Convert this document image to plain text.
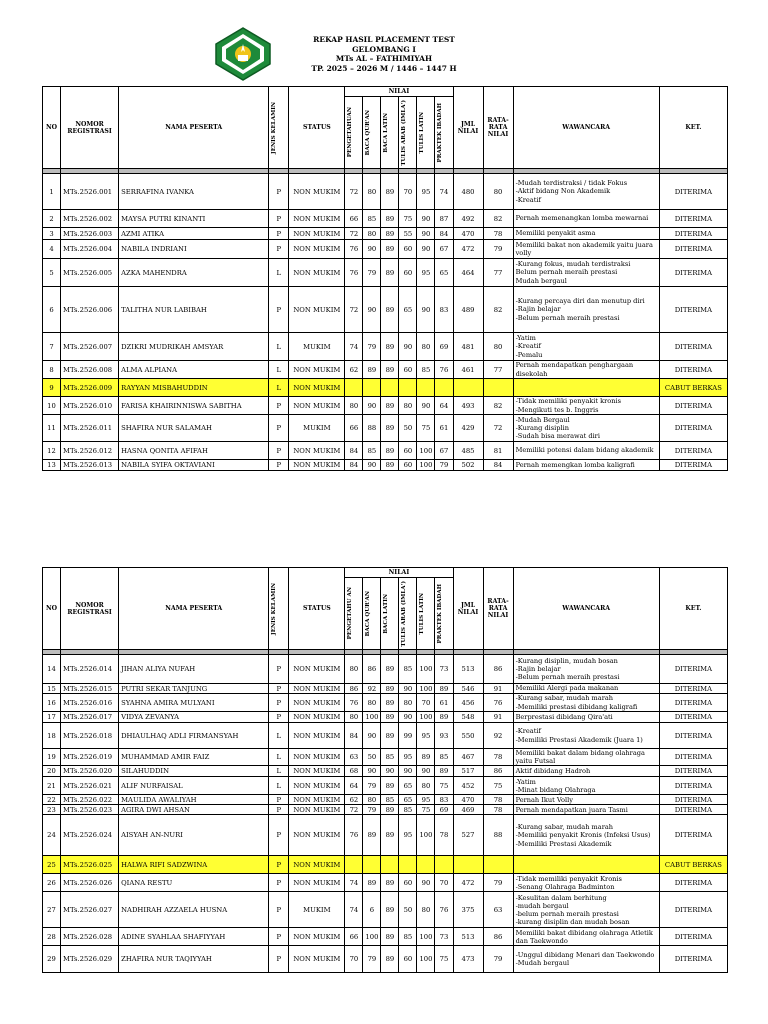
REKAP HASIL PLACEMENT TEST
GELOMBANG I
MTs AL – FATHIMIYAH
TP. 2025 – 2026 M / 1446 – 1447 H
NO	NOMOR REGISTRASI	NAMA PESERTA	JENIS KELAMIN	STATUS	NILAI						JML NILAI	RATA-RATA NILAI	WAWANCARA	KET.

					PENGETAHUAN	BACA QUR'AN	BACA LATIN	TULIS ARAB (IMLA')	TULIS LATIN	PRAKTEK IBADAH				

1	MTs.2526.001	SERRAFINA IVANKA	P	NON MUKIM	72	80	89	70	95	74	480	80	-Mudah terdistraksi / tidak Fokus
-Aktif bidang Non Akademik
-Kreatif	DITERIMA
2	MTs.2526.002	MAYSA PUTRI KINANTI	P	NON MUKIM	66	85	89	75	90	87	492	82	Pernah memenangkan lomba mewarnai	DITERIMA
3	MTs.2526.003	AZMI ATIKA	P	NON MUKIM	72	80	89	55	90	84	470	78	Memiliki penyakit asma	DITERIMA
4	MTs.2526.004	NABILA INDRIANI	P	NON MUKIM	76	90	89	60	90	67	472	79	Memiliki bakat non akademik yaitu juara volly	DITERIMA
5	MTs.2526.005	AZKA MAHENDRA	L	NON MUKIM	76	79	89	60	95	65	464	77	-Kurang fokus, mudah terdistraksi
Belum pernah meraih prestasi
Mudah bergaul	DITERIMA
6	MTs.2526.006	TALITHA NUR LABIBAH	P	NON MUKIM	72	90	89	65	90	83	489	82	-Kurang percaya diri dan menutup diri
-Rajin belajar
-Belum pernah meraih prestasi	DITERIMA
7	MTs.2526.007	DZIKRI MUDRIKAH AMSYAR	L	MUKIM	74	79	89	90	80	69	481	80	-Yatim
-Kreatif
-Pemalu	DITERIMA
8	MTs.2526.008	ALMA ALPIANA	L	NON MUKIM	62	89	89	60	85	76	461	77	Pernah mendapatkan penghargaan disekolah	DITERIMA
9	MTs.2526.009	RAYYAN MISBAHUDDIN	L	NON MUKIM										CABUT BERKAS
10	MTs.2526.010	FARISA KHAIRINNISWA SABITHA	P	NON MUKIM	80	90	89	80	90	64	493	82	-Tidak memiliki penyakit kronis
-Mengikuti tes b. Inggris	DITERIMA
11	MTs.2526.011	SHAFIRA NUR SALAMAH	P	MUKIM	66	88	89	50	75	61	429	72	-Mudah Bergaul
-Kurang disiplin
-Sudah bisa merawat diri	DITERIMA
12	MTs.2526.012	HASNA QONITA AFIFAH	P	NON MUKIM	84	85	89	60	100	67	485	81	Memiliki potensi dalam bidang akademik	DITERIMA
13	MTs.2526.013	NABILA SYIFA OKTAVIANI	P	NON MUKIM	84	90	89	60	100	79	502	84	Pernah memengkan lomba kaligrafi	DITERIMA
NO	NOMOR REGISTRASI	NAMA PESERTA	JENIS KELAMIN	STATUS	NILAI						JML NILAI	RATA-RATA NILAI	WAWANCARA	KET.

					PENGETAHU AN	BACA QUR'AN	BACA LATIN	TULIS ARAB (IMLA')	TULIS LATIN	PRAKTEK IBADAH				

14	MTs.2526.014	JIHAN ALIYA NUFAH	P	NON MUKIM	80	86	89	85	100	73	513	86	-Kurang disiplin, mudah bosan
-Rajin belajar
-Belum pernah meraih prestasi	DITERIMA
15	MTs.2526.015	PUTRI SEKAR TANJUNG	P	NON MUKIM	86	92	89	90	100	89	546	91	Memiliki Alergi pada makanan	DITERIMA
16	MTs.2526.016	SYAHNA AMIRA MULYANI	P	NON MUKIM	76	80	89	80	70	61	456	76	-Kurang sabar, mudah marah
-Memiliki prestasi dibidang kaligrafi	DITERIMA
17	MTs.2526.017	VIDYA ZEVANYA	P	NON MUKIM	80	100	89	90	100	89	548	91	Berprestasi dibidang Qira'ati	DITERIMA
18	MTs.2526.018	DHIAULHAQ ADLI FIRMANSYAH	L	NON MUKIM	84	90	89	99	95	93	550	92	-Kreatif
-Memiliki Prestasi Akademik (Juara 1)	DITERIMA
19	MTs.2526.019	MUHAMMAD AMIR FAIZ	L	NON MUKIM	63	50	85	95	89	85	467	78	Memiliki bakat dalam bidang olahraga yaitu Futsal	DITERIMA
20	MTs.2526.020	SILAHUDDIN	L	NON MUKIM	68	90	90	90	90	89	517	86	Aktif dibidang Hadroh	DITERIMA
21	MTs.2526.021	ALIF NURFAISAL	L	NON MUKIM	64	79	89	65	80	75	452	75	-Yatim
-Minat bidang Olahraga	DITERIMA
22	MTs.2526.022	MAULIDA AWALIYAH	P	NON MUKIM	62	80	85	65	95	83	470	78	Pernah Ikut Volly	DITERIMA
23	MTs.2526.023	AGIRA DWI AHSAN	P	NON MUKIM	72	79	89	85	75	69	469	78	Pernah mendapatkan juara Tasmi	DITERIMA
24	MTs.2526.024	AISYAH AN-NURI	P	NON MUKIM	76	89	89	95	100	78	527	88	-Kurang sabar, mudah marah
-Memiliki penyakit Kronis (Infeksi Usus)
-Memiliki Prestasi Akademik	DITERIMA
25	MTs.2526.025	HALWA RIFI SADZWINA	P	NON MUKIM										CABUT BERKAS
26	MTs.2526.026	QIANA RESTU	P	NON MUKIM	74	89	89	60	90	70	472	79	-Tidak memiliki penyakit Kronis
-Senang Olahraga Badminton	DITERIMA
27	MTs.2526.027	NADHIRAH AZZAELA HUSNA	P	MUKIM	74	6	89	50	80	76	375	63	-Kesulitan dalam berhitung
-mudah bergaul
-belum pernah meraih prestasi
-kurang disiplin dan mudah bosan	DITERIMA
28	MTs.2526.028	ADINE SYAHLAA SHAFIYYAH	P	NON MUKIM	66	100	89	85	100	73	513	86	Memiliki bakat dibidang olahraga Atletik dan Taekwondo	DITERIMA
29	MTs.2526.029	ZHAFIRA NUR TAQIYYAH	P	NON MUKIM	70	79	89	60	100	75	473	79	-Unggul dibidang Menari dan Taekwondo
-Mudah bergaul	DITERIMA
